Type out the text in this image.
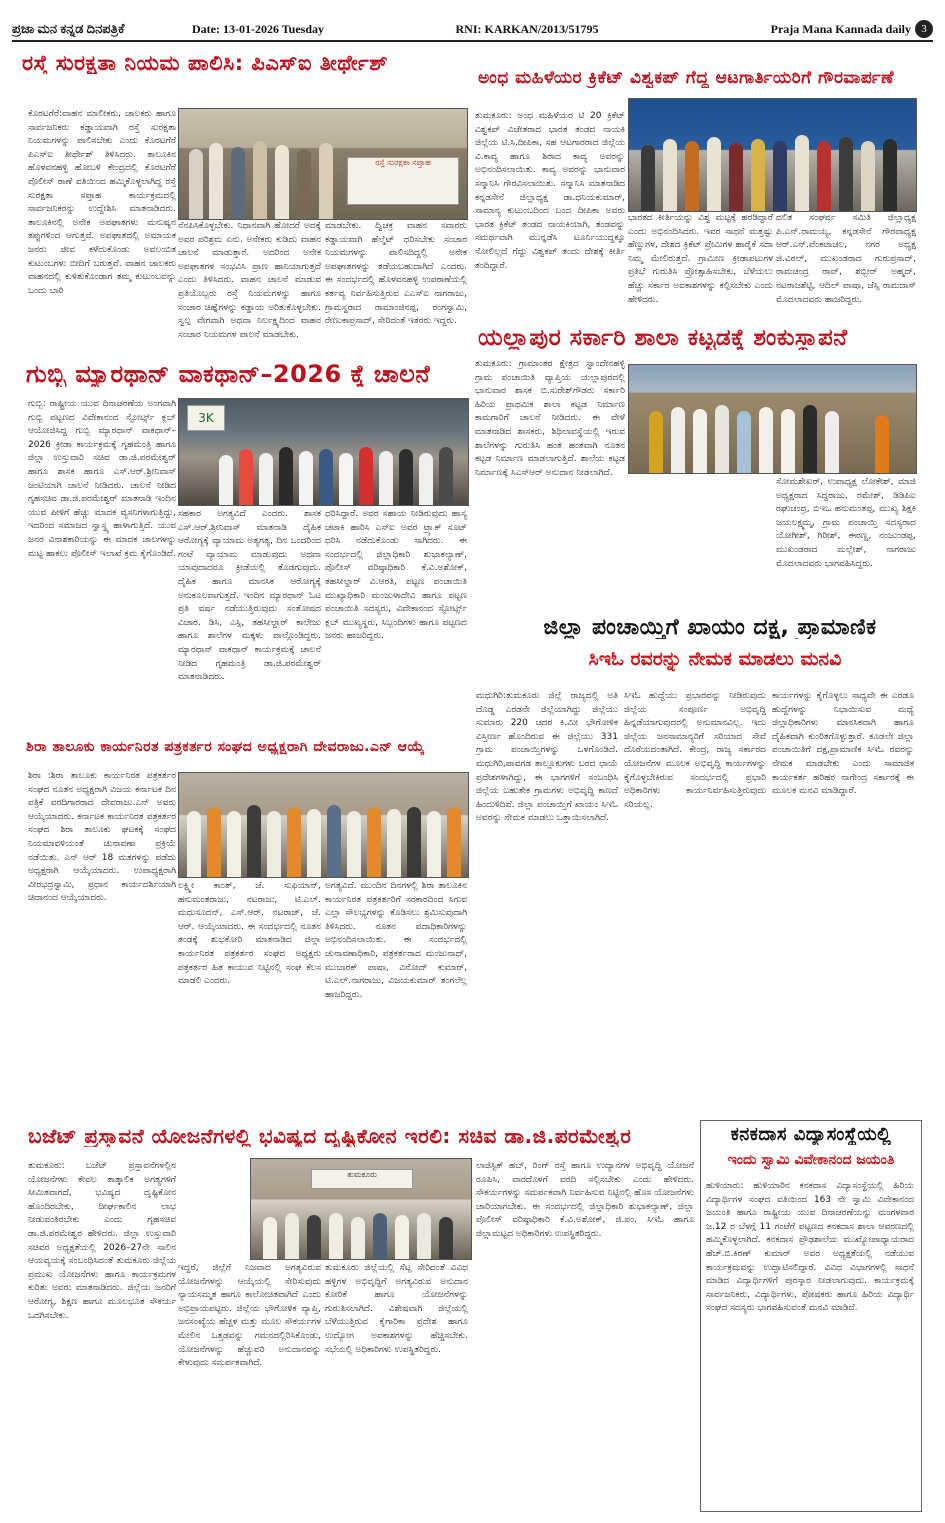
ಪ್ರಜಾ ಮನ ಕನ್ನಡ ದಿನಪತ್ರಿಕೆ	Date: 13-01-2026 Tuesday	RNI: KARKAN/2013/51795	Praja Mana Kannada daily 3
ರಸ್ತೆ ಸುರಕ್ಷತಾ ನಿಯಮ ಪಾಲಿಸಿ: ಪಿಎಸ್ಐ ತೀರ್ಥೇಶ್
ಕೊರಟಗೆರೆ:ವಾಹನ ಮಾಲೀಕರು, ಚಾಲಕರು ಹಾಗೂ ಸಾರ್ವಜನಿಕರು ಕಡ್ಡಾಯವಾಗಿ ರಸ್ತೆ ಸುರಕ್ಷತಾ ನಿಯಮಗಳನ್ನು ಪಾಲಿಸಬೇಕು ಎಂದು ಕೊರಟಗೆರೆ ಪಿಎಸ್ಐ ತೀರ್ಥೇಶ್ ತಿಳಿಸಿದರು. ತಾಲೂಕಿನ ಹೊಳವನಹಳ್ಳಿ ಹೋಬಳಿ ಕೇಂದ್ರದಲ್ಲಿ ಕೊರಟಗೆರೆ ಪೊಲೀಸ್ ಠಾಣೆ ವತಿಯಿಂದ ಹಮ್ಮಿಕೊಳ್ಳಲಾಗಿದ್ದ ರಸ್ತೆ ಸುರಕ್ಷತಾ ಸಪ್ತಾಹ ಕಾರ್ಯಕ್ರಮದಲ್ಲಿ ಸಾರ್ವಜನಿಕರನ್ನು ಉದ್ದೇಶಿಸಿ ಮಾತನಾಡಿದರು. ತಾಲೂಕಿನಲ್ಲಿ ಅನೇಕ ಅಪಘಾತಗಳು ಮನುಷ್ಯನ ತಪ್ಪುಗಳಿಂದ ಆಗುತ್ತವೆ. ಅಪಘಾತದಲ್ಲಿ ಅಮಾಯಕ ಜನರು ಜೀವ ಕಳೆದುಕೊಂಡು ಅವಲಂಬಿತ ಕುಟುಂಬಗಳು ಬೀದಿಗೆ ಬರುತ್ತವೆ. ವಾಹನ ಚಾಲಕರು ವಾಹನದಲ್ಲಿ ಕುಳಿತುಕೊಂಡಾಗ ತಮ್ಮ ಕುಟುಂಬವನ್ನು ಒಂದು ಬಾರಿ
ರಸ್ತೆ ಸುರಕ್ಷತಾ ಸಪ್ತಾಹ
ನೆನಪಿಸಿಕೊಳ್ಳಬೇಕು. ನಿಧಾನವಾಗಿ ಹೋದರೆ ಅದಕ್ಕೆ ಅವರ ಪರಿಶ್ರಮ ಏನು. ಅನೇಕರು ಕುಡಿದು ವಾಹನ ಚಾಲನೆ ಮಾಡುತ್ತಾರೆ. ಅದರಿಂದ ಅನೇಕ ಅಪಘಾತಗಳ ಸಂಭವಿಸಿ ಪ್ರಾಣ ಹಾನಿಯಾಗುತ್ತದೆ ಎಂದು ತಿಳಿಸಿದರು. ವಾಹನ ಚಾಲನೆ ಮಾಡುವ ಪ್ರತಿಯೊಬ್ಬರು ರಸ್ತೆ ನಿಯಮಗಳನ್ನು ಹಾಗೂ ಸಂಚಾರ ಚಿಹ್ನೆಗಳನ್ನು ಕಡ್ಡಾಯ ಅರಿತುಕೊಳ್ಳಬೇಕು. ಸ್ವಲ್ಪ ವೇಗವಾಗಿ ಅಥವಾ ನಿರ್ಲಕ್ಷ್ಯದಿಂದ ವಾಹನ ಸಂಚಾರ ನಿಯಮಗಳ ಪಾಲನೆ ಮಾಡಬೇಕು.
ಮಾಡಬೇಕು. ದ್ವಿಚಕ್ರ ವಾಹನ ಸವಾರರು ಕಡ್ಡಾಯವಾಗಿ ಹೆಲ್ಮೆಟ್ ಧರಿಸಬೇಕು ಸಂಚಾರ ನಿಯಮಗಳನ್ನು ಪಾಲಿಸದಿದ್ದಲ್ಲಿ ಅನೇಕ ಅಪಘಾತಗಳನ್ನು ತಡೆಯಬಹುದಾಗಿದೆ ಎಂದರು. ಈ ಸಂದರ್ಭದಲ್ಲಿ ಹೊಳವನಹಳ್ಳಿ ಉಪಠಾಣೆಯಲ್ಲಿ ಕರ್ತವ್ಯ ನಿರ್ವಹಿಸುತ್ತಿರುವ ಎಎಸ್ಐ ನಾಗರಾಜು, ಗ್ರಾಮಸ್ಥರಾದ ರಾಮಾಂಜಿನಪ್ಪ, ರಂಗಸ್ವಾಮಿ, ರೇಣುಕಾಪ್ರಸಾದ್, ಸೇರಿದಂತೆ ಇತರರು ಇದ್ದರು.
ಅಂಧ ಮಹಿಳೆಯರ ಕ್ರಿಕೆಟ್ ವಿಶ್ವಕಪ್ ಗೆದ್ದ ಆಟಗಾರ್ತಿಯರಿಗೆ ಗೌರವಾರ್ಪಣೆ
ತುಮಕೂರು: ಅಂಧ ಮಹಿಳೆಯರ ಟಿ 20 ಕ್ರಿಕೆಟ್ ವಿಶ್ವಕಪ್ ವಿಜೇತರಾದ ಭಾರತ ತಂಡದ ನಾಯಕಿ ಜಿಲ್ಲೆಯ ಟಿ.ಸಿ.ದೀಪಿಕಾ, ಸಹ ಆಟಗಾರರಾದ ಜಿಲ್ಲೆಯ ವಿ.ಕಾವ್ಯ ಹಾಗೂ ಶಿರಾದ ಕಾವ್ಯ ಅವರನ್ನು ಅಭಿನಂದಿಸಲಾಯಿತು. ಕಾವ್ಯ ಅವರನ್ನು ಭಾನುವಾರ ಸನ್ಮಾನಿಸಿ ಗೌರವಿಸಲಾಯಿತು. ಸನ್ಮಾನಿಸಿ ಮಾತನಾಡಿದ ಕನ್ನಡಸೇನೆ ಜಿಲ್ಲಾಧ್ಯಕ್ಷ ಡಾ.ಧನಿಯಕುಮಾರ್, ಸಾಮಾನ್ಯ ಕುಟುಂಬದಿಂದ ಬಂದ ದೀಪಿಕಾ ಅವರು ಭಾರತ ಕ್ರಿಕೆಟ್ ತಂಡದ ನಾಯಕಿಯಾಗಿ, ತಂಡವನ್ನು ಸಮರ್ಥವಾಗಿ ಮುನ್ನಡೆಸಿ ಟೂರ್ನಿಯುದ್ದಕ್ಕೂ ಸೋಲಿಲ್ಲದೆ ಗೆದ್ದು ವಿಶ್ವಕಪ್ ತಂದು ದೇಶಕ್ಕೆ ಕೀರ್ತಿ ತಂದಿದ್ದಾರೆ.
ಭಾರತದ ಕೀರ್ತಿಯನ್ನು ವಿಶ್ವ ಮಟ್ಟಕ್ಕೆ ಹರಡಿದ್ದಾರೆ ಎಂದು ಅಭಿನಂದಿಸಿದರು. ಇವರ ಸಾಧನೆ ಮತ್ತಷ್ಟು ಹೆಣ್ಣುಗಳ, ದೇಶದ ಕ್ರಿಕೆಟ್ ಪ್ರೇಮಿಗಳ ಹಾರೈಕೆ ಸದಾ ನಿಮ್ಮ ಮೇಲಿರುತ್ತದೆ. ಗ್ರಾಮೀಣ ಕ್ರೀಡಾಪಟುಗಳ ಪ್ರತಿಭೆ ಗುರುತಿಸಿ ಪ್ರೋತ್ಸಾಹಿಸಬೇಕು, ಬೆಳೆಯಲು ಹೆಚ್ಚು ಸರ್ಕಾರ ಅವಕಾಶಗಳನ್ನು ಕಲ್ಪಿಸಬೇಕು ಎಂದು ಹೇಳಿದರು.
ದಲಿತ ಸಂಘರ್ಷ ಸಮಿತಿ ಜಿಲ್ಲಾಧ್ಯಕ್ಷ ಪಿ.ಎನ್.ರಾಮಯ್ಯ, ಕನ್ನಡಸೇನೆ ಗೌರವಾಧ್ಯಕ್ಷ ಆರ್.ಎನ್.ವೆಂಕಟಾಚಲ, ನಗರ ಅಧ್ಯಕ್ಷ ಜಿ.ವಿಠಲ್, ಮುಖಂಡರಾದ ಗುರುಪ್ರಸಾದ್, ರಾಮಚಂದ್ರ ರಾವ್, ಶಬ್ಬೀರ್ ಅಹ್ಮದ್, ನಟರಾಜಶೆಟ್ಟಿ, ಆದಿಲ್ ಪಾಷಾ, ಜೆಸ್ಸಿ ರಾಮದಾಸ್ ಮೊದಲಾದವರು ಹಾಜರಿದ್ದರು.
ಗುಬ್ಬಿ ಮ್ಯಾರಥಾನ್ ವಾಕಥಾನ್–2026 ಕ್ಕೆ ಚಾಲನೆ
ಗುಬ್ಬಿ: ರಾಷ್ಟ್ರೀಯ ಯುವ ದಿನಾಚರಣೆಯ ಅಂಗವಾಗಿ ಗುಬ್ಬಿ ಪಟ್ಟಣದ ವಿವೇಕಾನಂದ ಸ್ಪೋರ್ಟ್ಸ್ ಕ್ಲಬ್ ಆಯೋಜಿಸಿದ್ದ ಗುಬ್ಬಿ ಮ್ಯಾರಥಾನ್ ವಾಕಥಾನ್–2026 ಕ್ರೀಡಾ ಕಾರ್ಯಕ್ರಮಕ್ಕೆ ಗೃಹಮಂತ್ರಿ ಹಾಗೂ ಜಿಲ್ಲಾ ಉಸ್ತುವಾರಿ ಸಚಿವ ಡಾ.ಜಿ.ಪರಮೇಶ್ವರ್ ಹಾಗೂ ಶಾಸಕ ಹಾಗೂ ಎಸ್.ಆರ್.ಶ್ರೀನಿವಾಸ್ ಜಂಟಿಯಾಗಿ ಚಾಲನೆ ನೀಡಿದರು. ಚಾಲನೆ ನೀಡಿದ ಗೃಹಸಚಿವ ಡಾ.ಜಿ.ಪರಮೇಶ್ವರ್ ಮಾತನಾಡಿ ಇಂದಿನ ಯುವ ಪೀಳಿಗೆ ಹೆಚ್ಚು ಮಾದಕ ವ್ಯಸನಿಗಳಾಗುತ್ತಿದ್ದು, ಇದರಿಂದ ಸಮಾಜದ ಸ್ವಾಸ್ಥ್ಯ ಹಾಳಾಗುತ್ತಿದೆ. ಯುವ ಜನರ ವಿನಾಶಕಾರಿಯನ್ನು ಈ ಮಾದಕ ಜಾಲಗಳನ್ನು ಮಟ್ಟ ಹಾಕಲು ಪೊಲೀಸ್ ಇಲಾಖೆ ಕ್ರಮ ಕೈಗೊಂಡಿದೆ.
3K
ಸಹಕಾರ ಅಗತ್ಯವಿದೆ ಎಂದರು. ಶಾಸಕ ಎಸ್.ಆರ್.ಶ್ರೀನಿವಾಸ್ ಮಾತನಾಡಿ ದೈಹಿಕ ಆರೋಗ್ಯಕ್ಕೆ ವ್ಯಾಯಾಮ ಅತ್ಯಗತ್ಯ, ದಿನ ಒಂದರಿಂದ ಗಂಟೆ ವ್ಯಾಯಾಮ ಮಾಡುವುದು ಅಥವಾ ಯಾವುದಾದರೂ ಕ್ರೀಡೆಯಲ್ಲಿ ತೊಡಗುವುದು. ದೈಹಿಕ ಹಾಗೂ ಮಾನಸಿಕ ಆರೋಗ್ಯಕ್ಕೆ ಅನುಕೂಲವಾಗುತ್ತದೆ. ಇಂದಿನ ಮ್ಯಾರಥಾನ್ ಓಟ ಪ್ರತಿ ವರ್ಷ ನಡೆಯುತ್ತಿರುವುದು ಸಂತೋಷದ ವಿಚಾರ. ಡಿಸಿ, ಎಸ್ಪಿ, ತಹಸೀಲ್ದಾರ್ ಕಾಲೇಜು ಹಾಗೂ ಶಾಲೆಗಳ ಮಕ್ಕಳು ಪಾಲ್ಗೊಂಡಿದ್ದರು. ಮ್ಯಾರಥಾನ್ ವಾಕಥಾನ್ ಕಾರ್ಯಕ್ರಮಕ್ಕೆ ಚಾಲನೆ ನೀಡಿದ ಗೃಹಮಂತ್ರಿ ಡಾ.ಜಿ.ಪರಮೇಶ್ವರ್ ಮಾತನಾಡಿದರು.
ಧರಿಸಿದ್ದಾರೆ. ಅವರ ಸಹಾಯ ನೀಡಿರುವುದು ಹಾಸ್ಯ ಚಟಾಕಿ ಹಾರಿಸಿ ಎಸ್ಐ ಅವರ ಟ್ರ್ಯಾಕ್ ಸೂಟ್ ಧರಿಸಿ ನಡೆದುಕೊಂಡು ಸಾಗಿದರು. ಈ ಸಂದರ್ಭದಲ್ಲಿ ಜಿಲ್ಲಾಧಿಕಾರಿ ಶುಭಾಕಲ್ಯಾಣ್, ಪೊಲೀಸ್ ವರಿಷ್ಠಾಧಿಕಾರಿ ಕೆ.ವಿ.ಅಶೋಕ್, ತಹಸೀಲ್ದಾರ್ ವಿ.ಆರತಿ, ಪಟ್ಟಣ ಪಂಚಾಯಿತಿ ಮುಖ್ಯಾಧಿಕಾರಿ ಮಂಜುಳಾದೇವಿ ಹಾಗೂ ಪಟ್ಟಣ ಪಂಚಾಯಿತಿ ಸದಸ್ಯರು, ವಿವೇಕಾನಂದ ಸ್ಪೋರ್ಟ್ಸ್ ಕ್ಲಬ್ ಮುಖ್ಯಸ್ಥರು, ಸಿಬ್ಬಂದಿಗಳು ಹಾಗೂ ಪಟ್ಟಣದ ಜನರು ಹಾಜರಿದ್ದರು.
ಯಲ್ಲಾಪುರ ಸರ್ಕಾರಿ ಶಾಲಾ ಕಟ್ಟಡಕ್ಕೆ ಶಂಕುಸ್ಥಾಪನೆ
ತುಮಕೂರು: ಗ್ರಾಮಾಂತರ ಕ್ಷೇತ್ರದ ಸ್ವಾಂದೇನಹಳ್ಳಿ ಗ್ರಾಮ ಪಂಚಾಯಿತಿ ವ್ಯಾಪ್ತಿಯ ಯಲ್ಲಾಪುರದಲ್ಲಿ ಭಾನುವಾರ ಶಾಸಕ ಬಿ.ಸುರೇಶ್‌ಗೌಡರು ಸರ್ಕಾರಿ ಹಿರಿಯ ಪ್ರಾಥಮಿಕ ಶಾಲಾ ಕಟ್ಟಡ ನಿರ್ಮಾಣ ಕಾಮಗಾರಿಗೆ ಚಾಲನೆ ನೀಡಿದರು. ಈ ವೇಳೆ ಮಾತನಾಡಿದ ಶಾಸಕರು, ಶಿಥಿಲಾವಸ್ಥೆಯಲ್ಲಿ ಇರುವ ಶಾಲೆಗಳನ್ನು ಗುರುತಿಸಿ ಹಂತ ಹಂತವಾಗಿ ನೂತನ ಕಟ್ಟಡ ನಿರ್ಮಾಣ ಮಾಡಲಾಗುತ್ತಿದೆ. ಶಾಲೆಯ ಕಟ್ಟಡ ನಿರ್ಮಾಣಕ್ಕೆ ಸಿಎಸ್ಆರ್ ಅನುದಾನ ನೀಡಲಾಗಿದೆ.
ಸೋಮಶೇಖರ್, ಉಪಾಧ್ಯಕ್ಷ ಲೋಕೇಶ್, ಮಾಜಿ ಅಧ್ಯಕ್ಷರಾದ ಸಿದ್ದರಾಜು, ರಮೇಶ್, ಡಿಡಿಪಿಐ ರಘುಚಂದ್ರ, ಬಿಇಒ ಹನುಮಂತಪ್ಪ, ಮುಖ್ಯ ಶಿಕ್ಷಕಿ ಜಯಲಕ್ಷ್ಮಮ್ಮ, ಗ್ರಾಮ ಪಂಚಾಯ್ತಿ ಸದಸ್ಯರಾದ ಯೋಗೀಶ್, ಗಿರೀಶ್, ಈರಣ್ಣ, ನಂಜುಂಡಪ್ಪ, ಮುಖಂಡರಾದ ಮಲ್ಲೇಶ್, ನಾಗರಾಜು ಮೊದಲಾದವರು ಭಾಗವಹಿಸಿದ್ದರು.
ಜಿಲ್ಲಾ ಪಂಚಾಯ್ತಿಗೆ ಖಾಯಂ ದಕ್ಷ, ಪ್ರಾಮಾಣಿಕ
ಸಿಇಓ ರವರನ್ನು ನೇಮಕ ಮಾಡಲು ಮನವಿ
ಮಧುಗಿರಿ:ತುಮಕೂರು ಜಿಲ್ಲೆ ರಾಜ್ಯದಲ್ಲಿ ಅತಿ ದೊಡ್ಡ ಎರಡನೇ ಜಿಲ್ಲೆಯಾಗಿದ್ದು ಜಿಲ್ಲೆಯು ಸುಮಾರು 220 ಚದರ ಕಿ.ಮೀ ಭೌಗೋಳಿಕ ವಿಸ್ತೀರ್ಣ ಹೊಂದಿರುವ ಈ ಜಿಲ್ಲೆಯು 331 ಗ್ರಾಮ ಪಂಚಾಯ್ತಿಗಳನ್ನು ಒಳಗೊಂಡಿದೆ. ಮಧುಗಿರಿ,ಪಾವಗಡ ತಾಲ್ಲೂಕುಗಳು ಬರದ ಛಾಯೆ ಪ್ರದೇಶಗಳಾಗಿದ್ದು, ಈ ಭಾಗಗಳಿಗೆ ಸಂಬಂಧಿಸಿ ಜಿಲ್ಲೆಯ ಬಹುತೇಕ ಗ್ರಾಮಗಳು ಅಭಿವೃದ್ಧಿ ಕಾಣದೆ ಹಿಂದುಳಿದಿವೆ. ಜಿಲ್ಲಾ ಪಂಚಾಯ್ತಿಗೆ ಖಾಯಂ ಸಿಇಓ ಅವರನ್ನು ನೇಮಕ ಮಾಡಲು ಒತ್ತಾಯಿಸಲಾಗಿದೆ.
ಸಿಇಓ ಹುದ್ದೆಯು ಪ್ರಭಾರವನ್ನು ನೀಡಿರುವುದು ಜಿಲ್ಲೆಯ ಸಂಪೂರ್ಣ ಅಭಿವೃದ್ಧಿ ಹಿನ್ನಡೆಯಾಗುವುದರಲ್ಲಿ ಅನುಮಾನವಿಲ್ಲ. ಇದು ಜಿಲ್ಲೆಯ ಜನಸಾಮಾನ್ಯರಿಗೆ ಸರಿಯಾದ ಸೇವೆ ದೊರೆಯದಂತಾಗಿದೆ. ಕೇಂದ್ರ, ರಾಜ್ಯ ಸರ್ಕಾರದ ಯೋಜನೆಗಳ ಮೂಲಕ ಅಭಿವೃದ್ಧಿ ಕಾರ್ಯಗಳನ್ನು ಕೈಗೊಳ್ಳಬೇಕಿರುವ ಸಂದರ್ಭದಲ್ಲಿ ಪ್ರಭಾರಿ ಅಧಿಕಾರಿಗಳು ಕಾರ್ಯನಿರ್ವಹಿಸುತ್ತಿರುವುದು ಸರಿಯಲ್ಲ.
ಕಾರ್ಯಗಳನ್ನು ಕೈಗೊಳ್ಳಲು ಸಾಧ್ಯವೇ ಈ ಎರಡೂ ಹುದ್ದೆಗಳನ್ನು ನಿಭಾಯಿಸುವ ಮಧ್ಯೆ ಜಿಲ್ಲಾಧಿಕಾರಿಗಳು ಮಾನಸಿಕವಾಗಿ ಹಾಗೂ ದೈಹಿಕವಾಗಿ ಕುಂಠಿತಗೊಳ್ಳುತ್ತಾರೆ. ಕೂಡಲೇ ಜಿಲ್ಲಾ ಪಂಚಾಯಿತಿಗೆ ದಕ್ಷ,ಪ್ರಾಮಾಣಿಕ ಸಿಇಓ ರವರನ್ನು ನೇಮಕ ಮಾಡಬೇಕು ಎಂದು ಸಾಮಾಜಿಕ ಕಾರ್ಯಕರ್ತ ಹರಿಹರ ನಾಗೇಂದ್ರ ಸರ್ಕಾರಕ್ಕೆ ಈ ಮೂಲಕ ಮನವಿ ಮಾಡಿದ್ದಾರೆ.
ಶಿರಾ ತಾಲೂಕು ಕಾರ್ಯನಿರತ ಪತ್ರಕರ್ತರ ಸಂಘದ ಅಧ್ಯಕ್ಷರಾಗಿ ದೇವರಾಜು.ಎನ್ ಆಯ್ಕೆ
ಶಿರಾ :ಶಿರಾ ತಾಲೂಕು ಕಾರ್ಯನಿರತ ಪತ್ರಕರ್ತರ ಸಂಘದ ನೂತನ ಅಧ್ಯಕ್ಷರಾಗಿ ವಿಜಯ ಕರ್ನಾಟಕ ದಿನ ಪತ್ರಿಕೆ ವರದಿಗಾರರಾದ ದೇವರಾಜು.ಎನ್ ಅವರು ಆಯ್ಕೆಯಾದರು. ಕರ್ನಾಟಕ ಕಾರ್ಯನಿರತ ಪತ್ರಕರ್ತರ ಸಂಘದ ಶಿರಾ ತಾಲೂಕು ಘಟಕಕ್ಕೆ ಸಂಘದ ನಿಯಮಾವಳಿಯಂತೆ ಚುನಾವಣಾ ಪ್ರಕ್ರಿಯೆ ನಡೆಯಿತು. ಎನ್ ಆರ್ 18 ಮತಗಳನ್ನು ಪಡೆದು ಅಧ್ಯಕ್ಷರಾಗಿ ಆಯ್ಕೆಯಾದರು. ಉಪಾಧ್ಯಕ್ಷರಾಗಿ ವೀರಭದ್ರಸ್ವಾಮಿ, ಪ್ರಧಾನ ಕಾರ್ಯದರ್ಶಿಯಾಗಿ ಚಿದಾನಂದ ಆಯ್ಕೆಯಾದರು.
ಲಕ್ಷ್ಮೀ ಕಾಂತ್, ಜೆ. ಸುಫಿಯಾನ್, ಹನುಮಂತರಾಜು, ನಟರಾಜು, ಟಿ.ಎಲ್. ಮಧುಸೂದನ್, ಎಸ್.ಆರ್. ನಟರಾಜ್, ಜೆ. ಆರ್. ಆಯ್ಕೆಯಾದರು. ಈ ಸಂದರ್ಭದಲ್ಲಿ ನೂತನ ತಂಡಕ್ಕೆ ಶುಭಕೋರಿ ಮಾತನಾಡಿದ ಜಿಲ್ಲಾ ಕಾರ್ಯನಿರತ ಪತ್ರಕರ್ತರ ಸಂಘದ ಅಧ್ಯಕ್ಷರು ಪತ್ರಕರ್ತರ ಹಿತ ಕಾಯುವ ನಿಟ್ಟಿನಲ್ಲಿ ಸಂಘ ಕೆಲಸ ಮಾಡಲಿ ಎಂದರು.
ಅಗತ್ಯವಿದೆ. ಮುಂದಿನ ದಿನಗಳಲ್ಲಿ ಶಿರಾ ತಾಲೂಕಿನ ಕಾರ್ಯನಿರತ ಪತ್ರಕರ್ತರಿಗೆ ಸರಕಾರದಿಂದ ಸಿಗುವ ಎಲ್ಲಾ ಸೌಲಭ್ಯಗಳನ್ನು ಕೊಡಿಸಲು ಶ್ರಮಿಸುವುದಾಗಿ ತಿಳಿಸಿದರು. ನೂತನ ಪದಾಧಿಕಾರಿಗಳನ್ನು ಅಭಿನಂದಿಸಲಾಯಿತು. ಈ ಸಂದರ್ಭದಲ್ಲಿ ಚುನಾವಣಾಧಿಕಾರಿ, ಪತ್ರಕರ್ತರಾದ ಮಂಜುನಾಥ್, ಮುಬಾರಕ್ ಪಾಷಾ, ವಿನೋದ್ ಕುಮಾರ್, ಟಿ.ಎಲ್.ನಾಗರಾಜು, ವಿಜಯಕುಮಾರ್ ತಂಗಲೆಲ್ಲ ಹಾಜರಿದ್ದರು.
ಬಜೆಟ್ ಪ್ರಸ್ತಾವನೆ ಯೋಜನೆಗಳಲ್ಲಿ ಭವಿಷ್ಯದ ದೃಷ್ಟಿಕೋನ ಇರಲಿ: ಸಚಿವ ಡಾ.ಜಿ.ಪರಮೇಶ್ವರ
ತುಮಕೂರು: ಬಜೆಟ್ ಪ್ರಸ್ತಾವನೆಗಳಲ್ಲಿನ ಯೋಜನೆಗಳು ಕೇವಲ ತಾತ್ಕಾಲಿಕ ಅಗತ್ಯಗಳಿಗೆ ಸೀಮಿತವಾಗದೆ, ಭವಿಷ್ಯದ ದೃಷ್ಟಿಕೋನ ಹೊಂದಿರಬೇಕು, ದೀರ್ಘಕಾಲಿನ ಲಾಭ ನೀಡುವಂತಿರಬೇಕು ಎಂದು ಗೃಹಸಚಿವ ಡಾ.ಜಿ.ಪರಮೇಶ್ವರ ಹೇಳಿದರು. ಜಿಲ್ಲಾ ಉಸ್ತುವಾರಿ ಸಚಿವರ ಅಧ್ಯಕ್ಷತೆಯಲ್ಲಿ 2026–27ನೇ ಸಾಲಿನ ಆಯವ್ಯಯಕ್ಕೆ ಸಂಬಂಧಿಸಿದಂತೆ ತುಮಕೂರು ಜಿಲ್ಲೆಯ ಪ್ರಮುಖ ಯೋಜನೆಗಳು ಹಾಗೂ ಕಾರ್ಯಕ್ರಮಗಳ ಕುರಿತು ಅವರು ಮಾತನಾಡಿದರು. ಜಿಲ್ಲೆಯ ಜನರಿಗೆ ಆರೋಗ್ಯ, ಶಿಕ್ಷಣ ಹಾಗೂ ಮೂಲಭೂತ ಸೌಕರ್ಯ ಒದಗಿಸಬೇಕು.
ತುಮಕೂರು
ಇದ್ದರೆ, ಜಿಲ್ಲೆಗೆ ನಿಜವಾದ ಅಗತ್ಯವಿರುವ ಯೋಜನೆಗಳನ್ನು ಆಯ್ಕೆಯಲ್ಲಿ ಸೇರಿಸುವುದು ನ್ಯಾಯಸಮ್ಮತ ಹಾಗೂ ಕಾಲೋಚಿತವಾಗಿದೆ ಎಂದು ಅಭಿಪ್ರಾಯಪಟ್ಟರು. ಜಿಲ್ಲೆಯ ಭೌಗೋಳಿಕ ವ್ಯಾಪ್ತಿ, ಜನಸಂಖ್ಯೆಯ ಹೆಚ್ಚಳ ಮತ್ತು ಮೂಲ ಸೌಕರ್ಯಗಳ ಮೇಲಿನ ಒತ್ತಡವನ್ನು ಗಮನದಲ್ಲಿರಿಸಿಕೊಂಡು, ಯೋಜನೆಗಳನ್ನು ಹೆಚ್ಚುವರಿ ಅನುದಾನವನ್ನು ಕೇಳುವುದು ಸಮರ್ಪಕವಾಗಿದೆ.
ತುಮಕೂರು ಜಿಲ್ಲೆಯಲ್ಲಿ ಸೆಟ್ಲ ಸೇರಿದಂತೆ ವಿವಿಧ ಹಳ್ಳಿಗಳ ಅಭಿವೃದ್ಧಿಗೆ ಅಗತ್ಯವಿರುವ ಅನುದಾನ ಕೋರಿಕೆ ಹಾಗೂ ಯೋಜನೆಗಳನ್ನು ಗುರುತಿಸಲಾಗಿದೆ. ವಿಶೇಷವಾಗಿ ಜಿಲ್ಲೆಯಲ್ಲಿ ಬೆಳೆಯುತ್ತಿರುವ ಕೈಗಾರಿಕಾ ಪ್ರದೇಶ ಹಾಗೂ ಉದ್ಯೋಗ ಅವಕಾಶಗಳನ್ನು ಹೆಚ್ಚಿಸಬೇಕು. ಸಭೆಯಲ್ಲಿ ಅಧಿಕಾರಿಗಳು ಉಪಸ್ಥಿತರಿದ್ದರು.
ಲಾಜಿಸ್ಟಿಕ್ ಹಬ್, ರಿಂಗ್ ರಸ್ತೆ ಹಾಗೂ ಉದ್ಯಾನಗಳ ಅಭಿವೃದ್ಧಿ ಯೋಜನೆ ರೂಪಿಸಿ, ವಾರದೊಳಗೆ ವರದಿ ಸಲ್ಲಿಸಬೇಕು ಎಂದು ಹೇಳಿದರು. ಸೌಕರ್ಯಗಳನ್ನು ಸಮರ್ಪಕವಾಗಿ ನಿರ್ವಹಿಸುವ ನಿಟ್ಟಿನಲ್ಲಿ ಹೊಸ ಯೋಜನೆಗಳು ಜಾರಿಯಾಗಬೇಕು. ಈ ಸಂದರ್ಭದಲ್ಲಿ ಜಿಲ್ಲಾಧಿಕಾರಿ ಶುಭಾಕಲ್ಯಾಣ್, ಜಿಲ್ಲಾ ಪೊಲೀಸ್ ವರಿಷ್ಠಾಧಿಕಾರಿ ಕೆ.ವಿ.ಅಶೋಕ್, ಜಿ.ಪಂ. ಸಿಇಓ ಹಾಗೂ ಜಿಲ್ಲಾಮಟ್ಟದ ಅಧಿಕಾರಿಗಳು ಉಪಸ್ಥಿತರಿದ್ದರು.
ಕನಕದಾಸ ವಿದ್ಯಾಸಂಸ್ಥೆಯಲ್ಲಿ
ಇಂದು ಸ್ವಾಮಿ ವಿವೇಕಾನಂದ ಜಯಂತಿ
ಹುಳಿಯಾರು: ಹುಳಿಯಾರಿನ ಕನಕದಾಸ ವಿದ್ಯಾಸಂಸ್ಥೆಯಲ್ಲಿ ಹಿರಿಯ ವಿದ್ಯಾರ್ಥಿಗಳ ಸಂಘದ ವತಿಯಿಂದ 163 ನೇ ಸ್ವಾಮಿ ವಿವೇಕಾನಂದ ಜಯಂತಿ ಹಾಗೂ ರಾಷ್ಟ್ರೀಯ ಯುವ ದಿನಾಚರಣೆಯನ್ನು ಮಂಗಳವಾರ ಜ.12 ರ ಬೆಳಗ್ಗೆ 11 ಗಂಟೆಗೆ ಪಟ್ಟಣದ ಕನಕದಾಸ ಶಾಲಾ ಆವರಣದಲ್ಲಿ ಹಮ್ಮಿಕೊಳ್ಳಲಾಗಿದೆ. ಕನಕದಾಸ ಪ್ರೌಢಶಾಲೆಯ ಮುಖ್ಯೋಪಾಧ್ಯಾಯರಾದ ಹೆಚ್.ಬಿ.ಕಿರಣ್ ಕುಮಾರ್ ಅವರ ಅಧ್ಯಕ್ಷತೆಯಲ್ಲಿ ನಡೆಯುವ ಕಾರ್ಯಕ್ರಮವನ್ನು ಉದ್ಘಾಟಿಸಲಿದ್ದಾರೆ. ವಿವಿಧ ವಿಭಾಗಗಳಲ್ಲಿ ಸಾಧನೆ ಮಾಡಿದ ವಿದ್ಯಾರ್ಥಿಗಳಿಗೆ ಪುರಸ್ಕಾರ ನೀಡಲಾಗುವುದು. ಕಾರ್ಯಕ್ರಮಕ್ಕೆ ಸಾರ್ವಜನಿಕರು, ವಿದ್ಯಾರ್ಥಿಗಳು, ಪೋಷಕರು ಹಾಗೂ ಹಿರಿಯ ವಿದ್ಯಾರ್ಥಿ ಸಂಘದ ಸದಸ್ಯರು ಭಾಗವಹಿಸುವಂತೆ ಮನವಿ ಮಾಡಿದೆ.
